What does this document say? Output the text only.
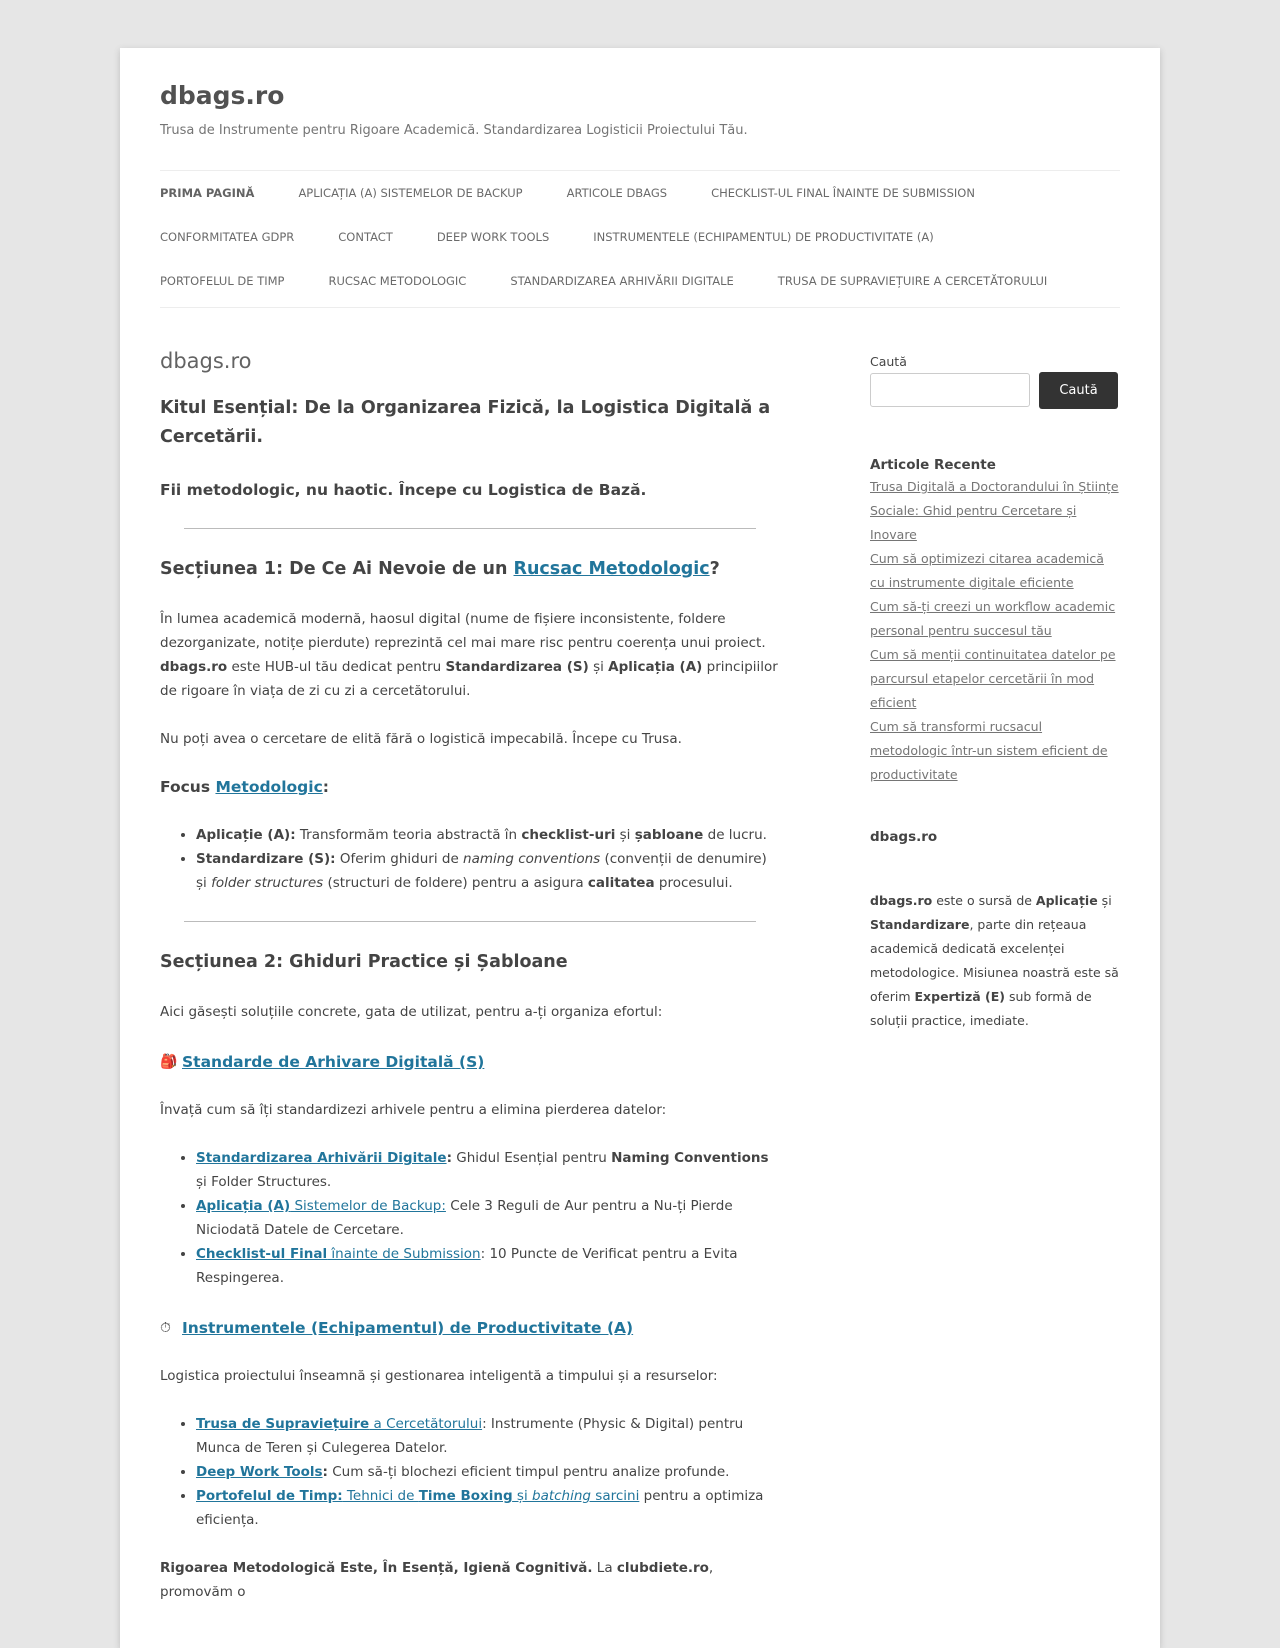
dbags.ro
Trusa de Instrumente pentru Rigoare Academică. Standardizarea Logisticii Proiectului Tău.
PRIMA PAGINĂ	APLICAȚIA (A) SISTEMELOR DE BACKUP	ARTICOLE DBAGS	CHECKLIST-UL FINAL ÎNAINTE DE SUBMISSION
CONFORMITATEA GDPR	CONTACT	DEEP WORK TOOLS	INSTRUMENTELE (ECHIPAMENTUL) DE PRODUCTIVITATE (A)
PORTOFELUL DE TIMP	RUCSAC METODOLOGIC	STANDARDIZAREA ARHIVĂRII DIGITALE	TRUSA DE SUPRAVIEȚUIRE A CERCETĂTORULUI
dbags.ro
Kitul Esențial: De la Organizarea Fizică, la Logistica Digitală a Cercetării.
Fii metodologic, nu haotic. Începe cu Logistica de Bază.
Secțiunea 1: De Ce Ai Nevoie de un Rucsac Metodologic?

În lumea academică modernă, haosul digital (nume de fișiere inconsistente, foldere dezorganizate, notițe pierdute) reprezintă cel mai mare risc pentru coerența unui proiect. dbags.ro este HUB-ul tău dedicat pentru Standardizarea (S) și Aplicația (A) principiilor de rigoare în viața de zi cu zi a cercetătorului.

Nu poți avea o cercetare de elită fără o logistică impecabilă. Începe cu Trusa.

Focus Metodologic:
• Aplicație (A): Transformăm teoria abstractă în checklist-uri și șabloane de lucru.
• Standardizare (S): Oferim ghiduri de naming conventions (convenții de denumire) și folder structures (structuri de foldere) pentru a asigura calitatea procesului.
Secțiunea 2: Ghiduri Practice și Șabloane

Aici găsești soluțiile concrete, gata de utilizat, pentru a-ți organiza efortul:

🎒 Standarde de Arhivare Digitală (S)

Învață cum să îți standardizezi arhivele pentru a elimina pierderea datelor:

• Standardizarea Arhivării Digitale: Ghidul Esențial pentru Naming Conventions și Folder Structures.
• Aplicația (A) Sistemelor de Backup: Cele 3 Reguli de Aur pentru a Nu-ți Pierde Niciodată Datele de Cercetare.
• Checklist-ul Final înainte de Submission: 10 Puncte de Verificat pentru a Evita Respingerea.
⏱ Instrumentele (Echipamentul) de Productivitate (A)

Logistica proiectului înseamnă și gestionarea inteligentă a timpului și a resurselor:

• Trusa de Supraviețuire a Cercetătorului: Instrumente (Physic & Digital) pentru Munca de Teren și Culegerea Datelor.
• Deep Work Tools: Cum să-ți blochezi eficient timpul pentru analize profunde.
• Portofelul de Timp: Tehnici de Time Boxing și batching sarcini pentru a optimiza eficiența.

Rigoarea Metodologică Este, În Esență, Igienă Cognitivă. La clubdiete.ro, promovăm o

Caută
Caută
Articole Recente
Trusa Digitală a Doctorandului în Științe Sociale: Ghid pentru Cercetare și Inovare
Cum să optimizezi citarea academică cu instrumente digitale eficiente
Cum să-ți creezi un workflow academic personal pentru succesul tău
Cum să menții continuitatea datelor pe parcursul etapelor cercetării în mod eficient
Cum să transformi rucsacul metodologic într-un sistem eficient de productivitate
dbags.ro
dbags.ro este o sursă de Aplicație și Standardizare, parte din rețeaua academică dedicată excelenței metodologice. Misiunea noastră este să oferim Expertiză (E) sub formă de soluții practice, imediate.
